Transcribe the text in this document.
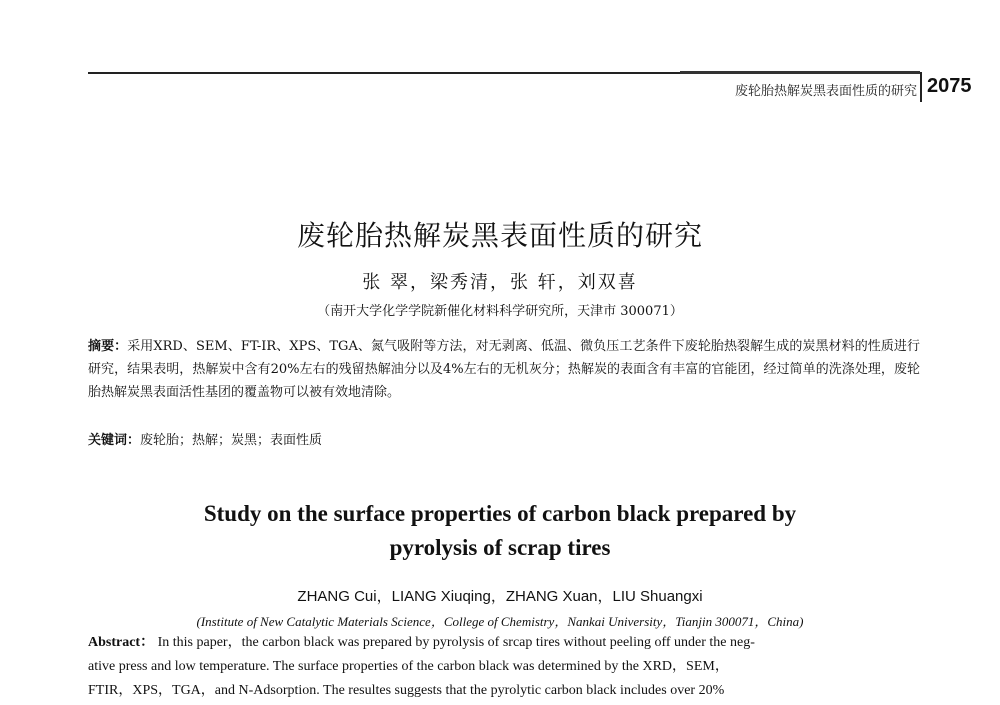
废轮胎热解炭黑表面性质的研究 2075
废轮胎热解炭黑表面性质的研究
张 翠，梁秀清，张 轩，刘双喜
（南开大学化学学院新催化材料科学研究所，天津市 300071）
摘要：采用XRD、SEM、FT-IR、XPS、TGA、氮气吸附等方法，对无剥离、低温、微负压工艺条件下废轮胎热裂解生成的炭黑材料的性质进行研究，结果表明，热解炭中含有20%左右的残留热解油分以及4%左右的无机灰分；热解炭的表面含有丰富的官能团，经过简单的洗涤处理，废轮胎热解炭黑表面活性基团的覆盖物可以被有效地清除。
关键词：废轮胎；热解；炭黑；表面性质
Study on the surface properties of carbon black prepared by
pyrolysis of scrap tires
ZHANG Cui，LIANG Xiuqing，ZHANG Xuan，LIU Shuangxi
(Institute of New Catalytic Materials Science，College of Chemistry，Nankai University，Tianjin 300071，China)
Abstract： In this paper，the carbon black was prepared by pyrolysis of srcap tires without peeling off under the neg-
ative press and low temperature. The surface properties of the carbon black was determined by the XRD，SEM，
FTIR，XPS，TGA，and N-Adsorption. The resultes suggests that the pyrolytic carbon black includes over 20%
